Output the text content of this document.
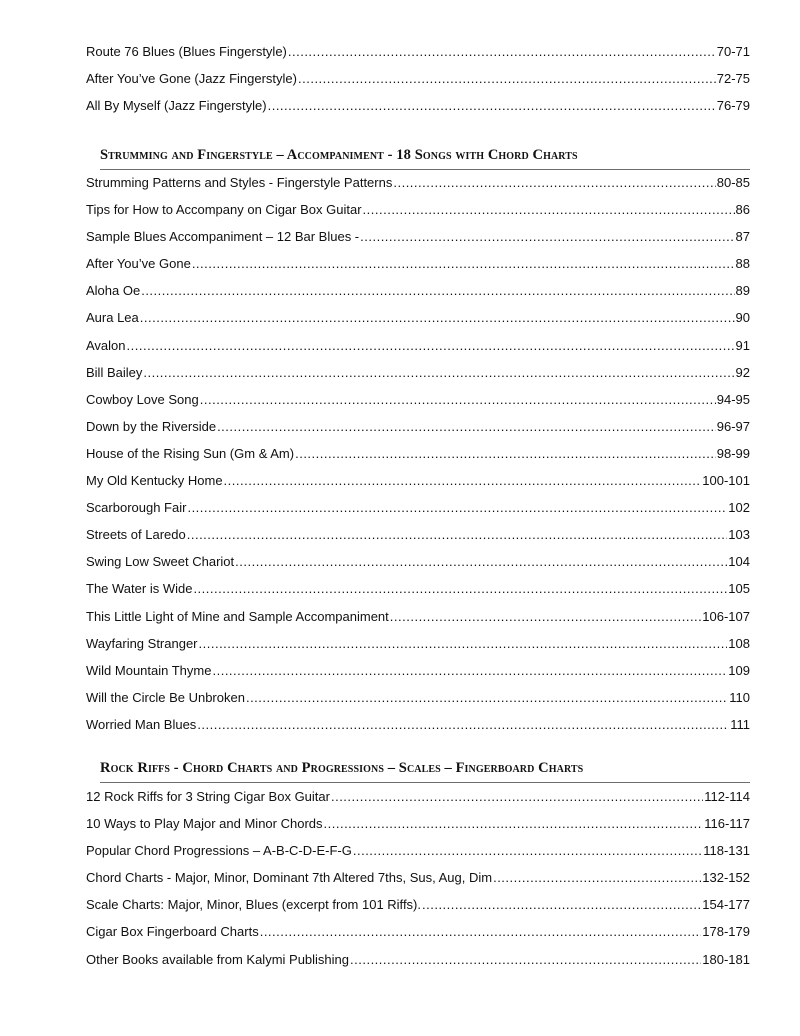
Route 76 Blues (Blues Fingerstyle) .....	70-71
After You’ve Gone (Jazz Fingerstyle) .....	72-75
All By Myself (Jazz Fingerstyle) .....	76-79
Strumming and Fingerstyle – Accompaniment - 18 Songs with Chord Charts
Strumming Patterns and Styles - Fingerstyle Patterns .....	80-85
Tips for How to Accompany on Cigar Box Guitar .....	86
Sample Blues Accompaniment – 12 Bar Blues - .....	87
After You’ve Gone .....	88
Aloha Oe .....	89
Aura Lea .....	90
Avalon .....	91
Bill Bailey .....	92
Cowboy Love Song .....	94-95
Down by the Riverside .....	96-97
House of the Rising Sun (Gm & Am) .....	98-99
My Old Kentucky Home .....	100-101
Scarborough Fair .....	102
Streets of Laredo .....	103
Swing Low Sweet Chariot .....	104
The Water is Wide .....	105
This Little Light of Mine and Sample Accompaniment .....	106-107
Wayfaring Stranger .....	108
Wild Mountain Thyme .....	109
Will the Circle Be Unbroken .....	110
Worried Man Blues .....	111
Rock Riffs - Chord Charts and Progressions – Scales – Fingerboard Charts
12 Rock Riffs for 3 String Cigar Box Guitar .....	112-114
10 Ways to Play Major and Minor Chords .....	116-117
Popular Chord Progressions – A-B-C-D-E-F-G .....	118-131
Chord Charts - Major, Minor, Dominant 7th Altered 7ths, Sus, Aug, Dim .....	132-152
Scale Charts: Major, Minor, Blues (excerpt from 101 Riffs). .....	154-177
Cigar Box Fingerboard Charts .....	178-179
Other Books available from Kalymi Publishing .....	180-181
